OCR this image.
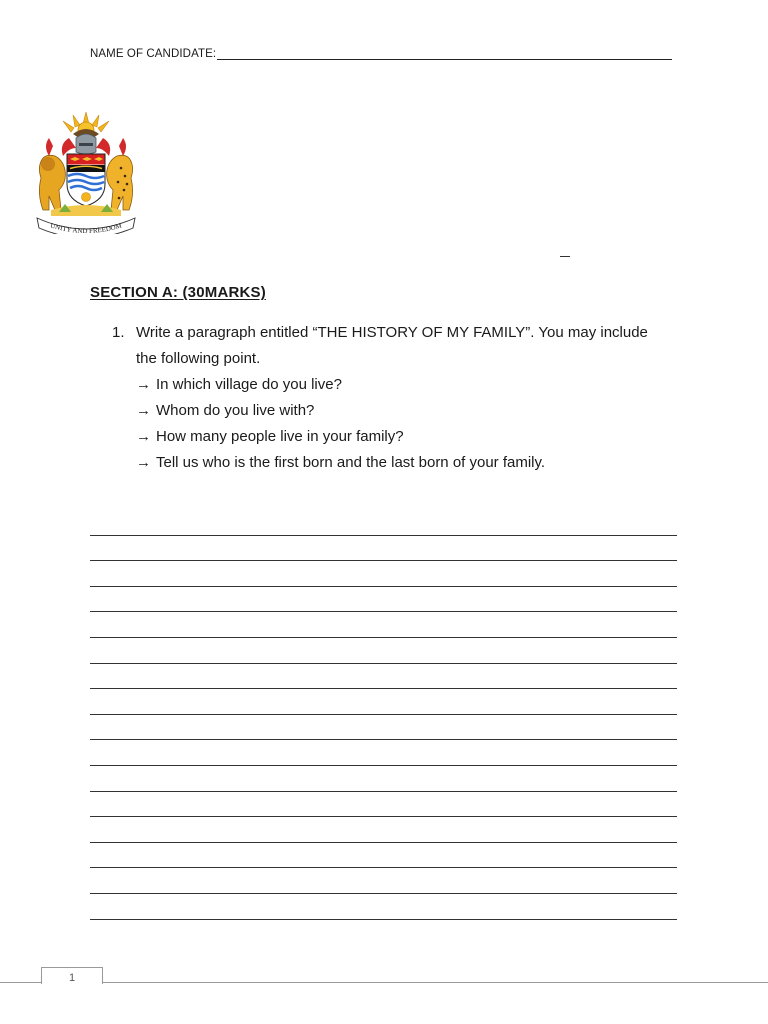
NAME OF CANDIDATE:
UNITY AND FREEDOM
SECTION A: (30MARKS)
1. Write a paragraph entitled “THE HISTORY OF MY FAMILY”. You may include
the following point.
→ In which village do you live?
→ Whom do you live with?
→ How many people live in your family?
→ Tell us who is the first born and the last born of your family.
1
